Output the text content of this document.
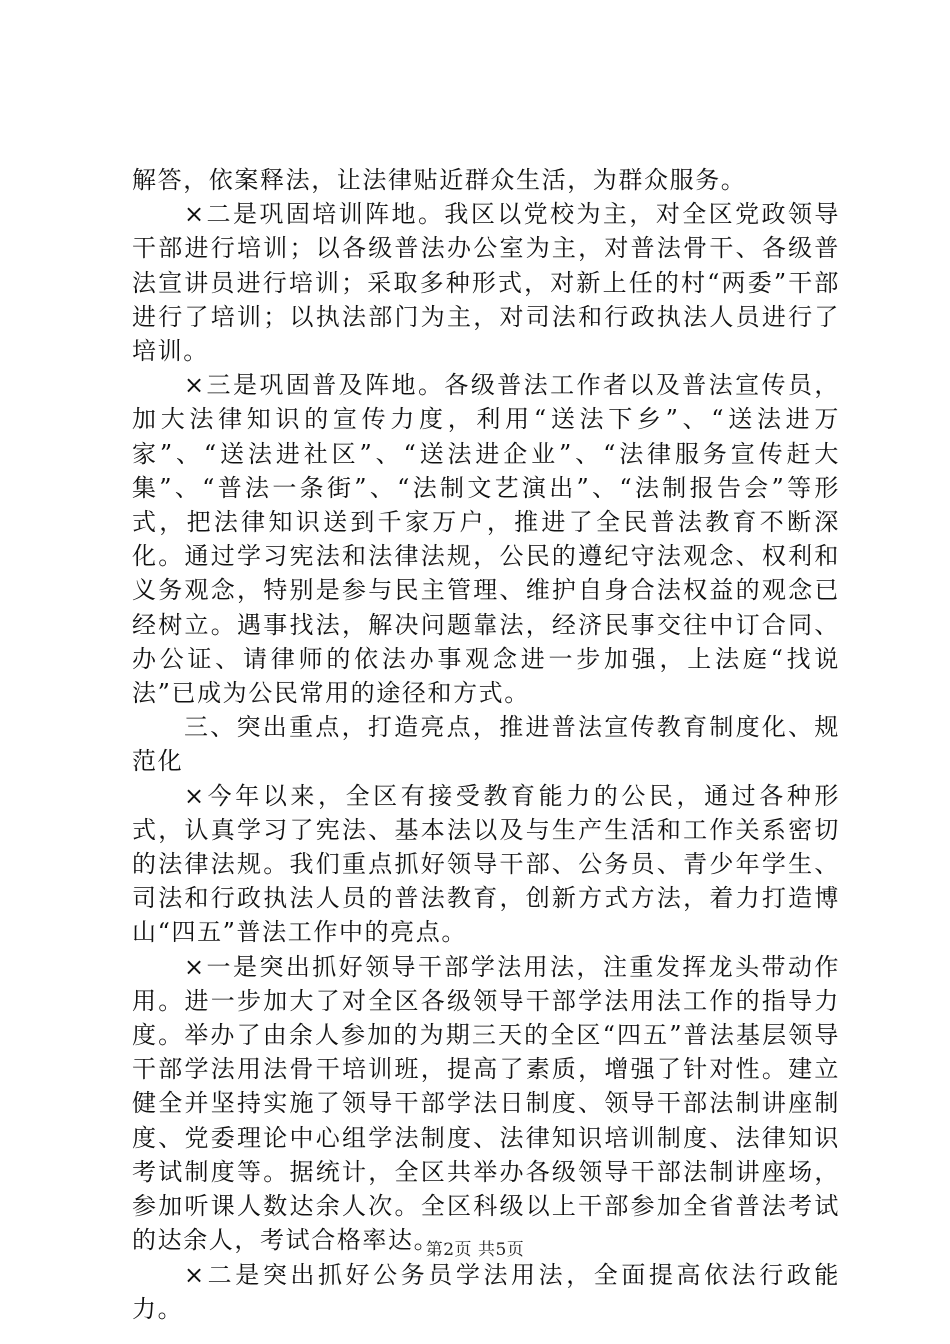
解答，依案释法，让法律贴近群众生活，为群众服务。

×二是巩固培训阵地。我区以党校为主，对全区党政领导干部进行培训；以各级普法办公室为主，对普法骨干、各级普法宣讲员进行培训；采取多种形式，对新上任的村“两委”干部进行了培训；以执法部门为主，对司法和行政执法人员进行了培训。

×三是巩固普及阵地。各级普法工作者以及普法宣传员，加大法律知识的宣传力度，利用“送法下乡”、“送法进万家”、“送法进社区”、“送法进企业”、“法律服务宣传赶大集”、“普法一条街”、“法制文艺演出”、“法制报告会”等形式，把法律知识送到千家万户，推进了全民普法教育不断深化。通过学习宪法和法律法规，公民的遵纪守法观念、权利和义务观念，特别是参与民主管理、维护自身合法权益的观念已经树立。遇事找法，解决问题靠法，经济民事交往中订合同、办公证、请律师的依法办事观念进一步加强，上法庭“找说法”已成为公民常用的途径和方式。

三、突出重点，打造亮点，推进普法宣传教育制度化、规范化

×今年以来，全区有接受教育能力的公民，通过各种形式，认真学习了宪法、基本法以及与生产生活和工作关系密切的法律法规。我们重点抓好领导干部、公务员、青少年学生、司法和行政执法人员的普法教育，创新方式方法，着力打造博山“四五”普法工作中的亮点。

×一是突出抓好领导干部学法用法，注重发挥龙头带动作用。进一步加大了对全区各级领导干部学法用法工作的指导力度。举办了由余人参加的为期三天的全区“四五”普法基层领导干部学法用法骨干培训班，提高了素质，增强了针对性。建立健全并坚持实施了领导干部学法日制度、领导干部法制讲座制度、党委理论中心组学法制度、法律知识培训制度、法律知识考试制度等。据统计，全区共举办各级领导干部法制讲座场，参加听课人数达余人次。全区科级以上干部参加全省普法考试的达余人，考试合格率达。

×二是突出抓好公务员学法用法，全面提高依法行政能力。

第2页 共5页
